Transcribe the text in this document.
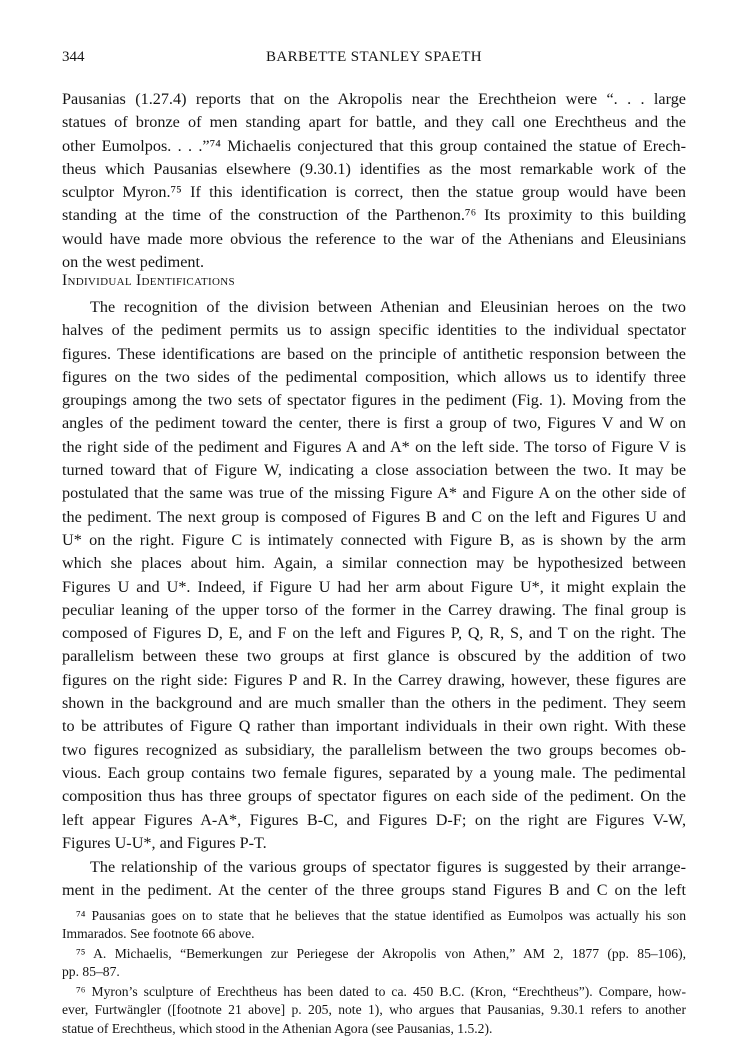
344	BARBETTE STANLEY SPAETH
Pausanias (1.27.4) reports that on the Akropolis near the Erechtheion were “. . . large
statues of bronze of men standing apart for battle, and they call one Erechtheus and the
other Eumolpos. . . .”⁷⁴ Michaelis conjectured that this group contained the statue of Erech-
theus which Pausanias elsewhere (9.30.1) identifies as the most remarkable work of the
sculptor Myron.⁷⁵ If this identification is correct, then the statue group would have been
standing at the time of the construction of the Parthenon.⁷⁶ Its proximity to this building
would have made more obvious the reference to the war of the Athenians and Eleusinians
on the west pediment.
Individual Identifications
The recognition of the division between Athenian and Eleusinian heroes on the two
halves of the pediment permits us to assign specific identities to the individual spectator
figures. These identifications are based on the principle of antithetic responsion between the
figures on the two sides of the pedimental composition, which allows us to identify three
groupings among the two sets of spectator figures in the pediment (Fig. 1). Moving from the
angles of the pediment toward the center, there is first a group of two, Figures V and W on
the right side of the pediment and Figures A and A* on the left side. The torso of Figure V is
turned toward that of Figure W, indicating a close association between the two. It may be
postulated that the same was true of the missing Figure A* and Figure A on the other side of
the pediment. The next group is composed of Figures B and C on the left and Figures U and
U* on the right. Figure C is intimately connected with Figure B, as is shown by the arm
which she places about him. Again, a similar connection may be hypothesized between
Figures U and U*. Indeed, if Figure U had her arm about Figure U*, it might explain the
peculiar leaning of the upper torso of the former in the Carrey drawing. The final group is
composed of Figures D, E, and F on the left and Figures P, Q, R, S, and T on the right. The
parallelism between these two groups at first glance is obscured by the addition of two
figures on the right side: Figures P and R. In the Carrey drawing, however, these figures are
shown in the background and are much smaller than the others in the pediment. They seem
to be attributes of Figure Q rather than important individuals in their own right. With these
two figures recognized as subsidiary, the parallelism between the two groups becomes ob-
vious. Each group contains two female figures, separated by a young male. The pedimental
composition thus has three groups of spectator figures on each side of the pediment. On the
left appear Figures A-A*, Figures B-C, and Figures D-F; on the right are Figures V-W,
Figures U-U*, and Figures P-T.
The relationship of the various groups of spectator figures is suggested by their arrange-
ment in the pediment. At the center of the three groups stand Figures B and C on the left
⁷⁴ Pausanias goes on to state that he believes that the statue identified as Eumolpos was actually his son
Immarados. See footnote 66 above.
⁷⁵ A. Michaelis, “Bemerkungen zur Periegese der Akropolis von Athen,” AM 2, 1877 (pp. 85–106),
pp. 85–87.
⁷⁶ Myron’s sculpture of Erechtheus has been dated to ca. 450 B.C. (Kron, “Erechtheus”). Compare, how-
ever, Furtwängler ([footnote 21 above] p. 205, note 1), who argues that Pausanias, 9.30.1 refers to another
statue of Erechtheus, which stood in the Athenian Agora (see Pausanias, 1.5.2).
